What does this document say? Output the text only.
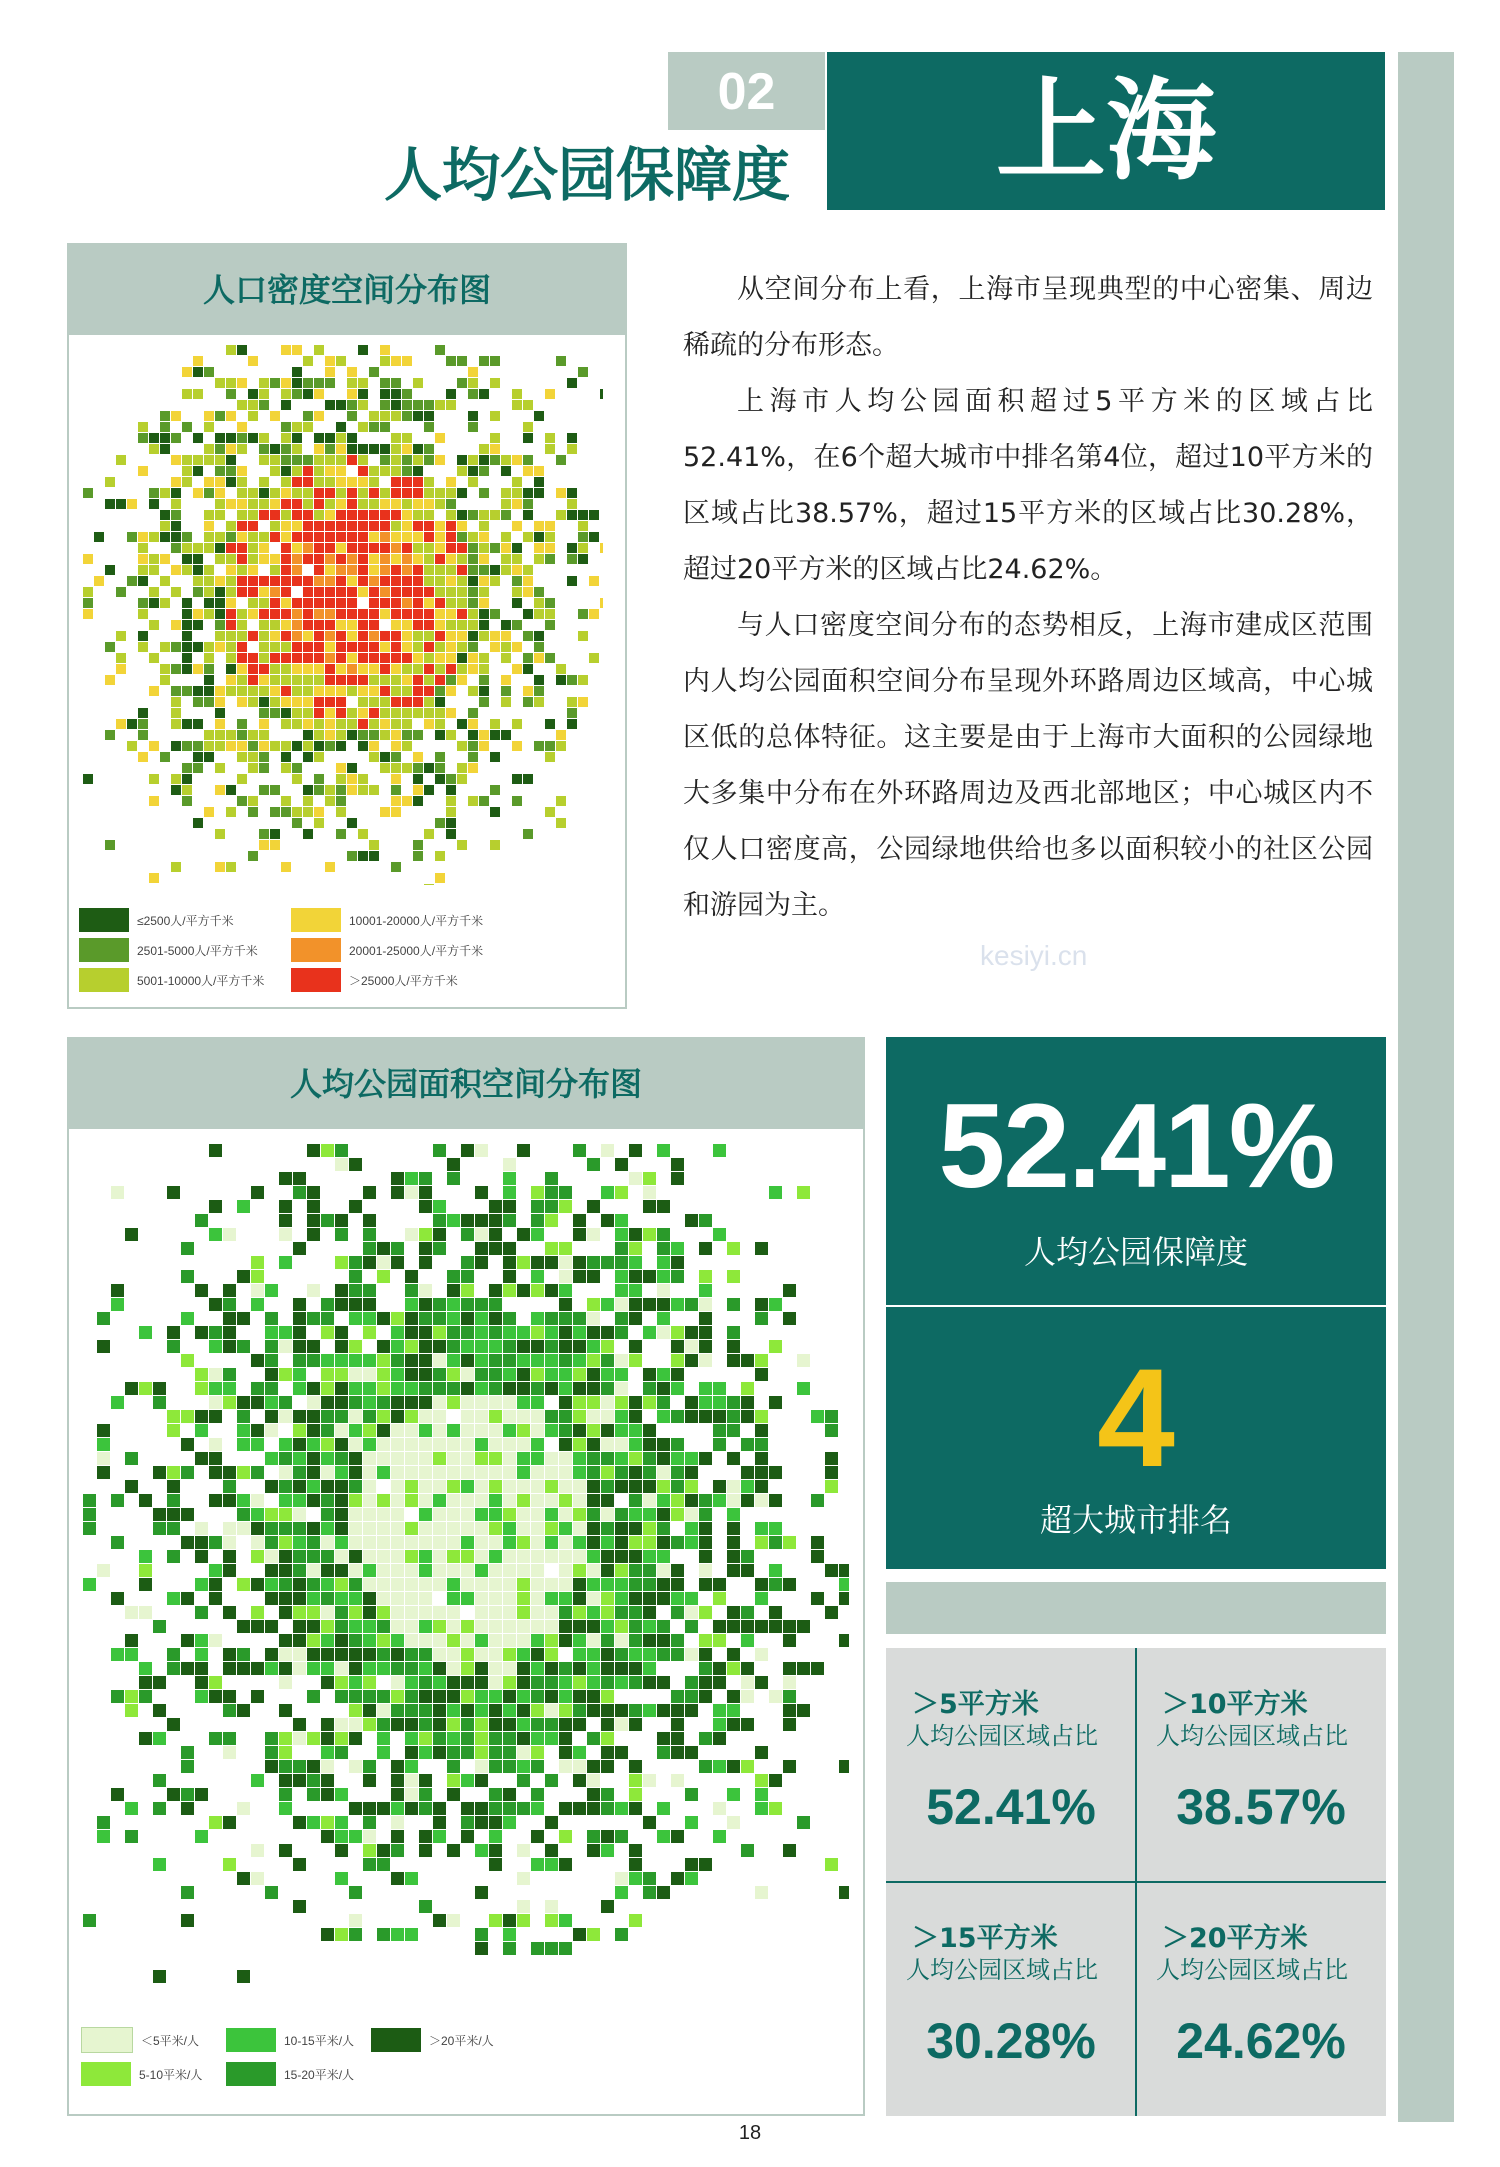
02
人均公园保障度	上海
人口密度空间分布图
≤2500人/平方千米
2501-5000人/平方千米
5001-10000人/平方千米
10001-20000人/平方千米
20001-25000人/平方千米
＞25000人/平方千米

从空间分布上看，上海市呈现典型的中心密集、周边稀疏的分布形态。

上海市人均公园面积超过5平方米的区域占比52.41%，在6个超大城市中排名第4位，超过10平方米的区域占比38.57%，超过15平方米的区域占比30.28%，超过20平方米的区域占比24.62%。

与人口密度空间分布的态势相反，上海市建成区范围内人均公园面积空间分布呈现外环路周边区域高，中心城区低的总体特征。这主要是由于上海市大面积的公园绿地大多集中分布在外环路周边及西北部地区；中心城区内不仅人口密度高，公园绿地供给也多以面积较小的社区公园和游园为主。

kesiyi.cn
人均公园面积空间分布图
＜5平米/人
5-10平米/人
10-15平米/人
15-20平米/人
＞20平米/人
52.41%
人均公园保障度
4
超大城市排名
＞5平方米
人均公园区域占比
52.41%
＞10平方米
人均公园区域占比
38.57%
＞15平方米
人均公园区域占比
30.28%
＞20平方米
人均公园区域占比
24.62%
18
